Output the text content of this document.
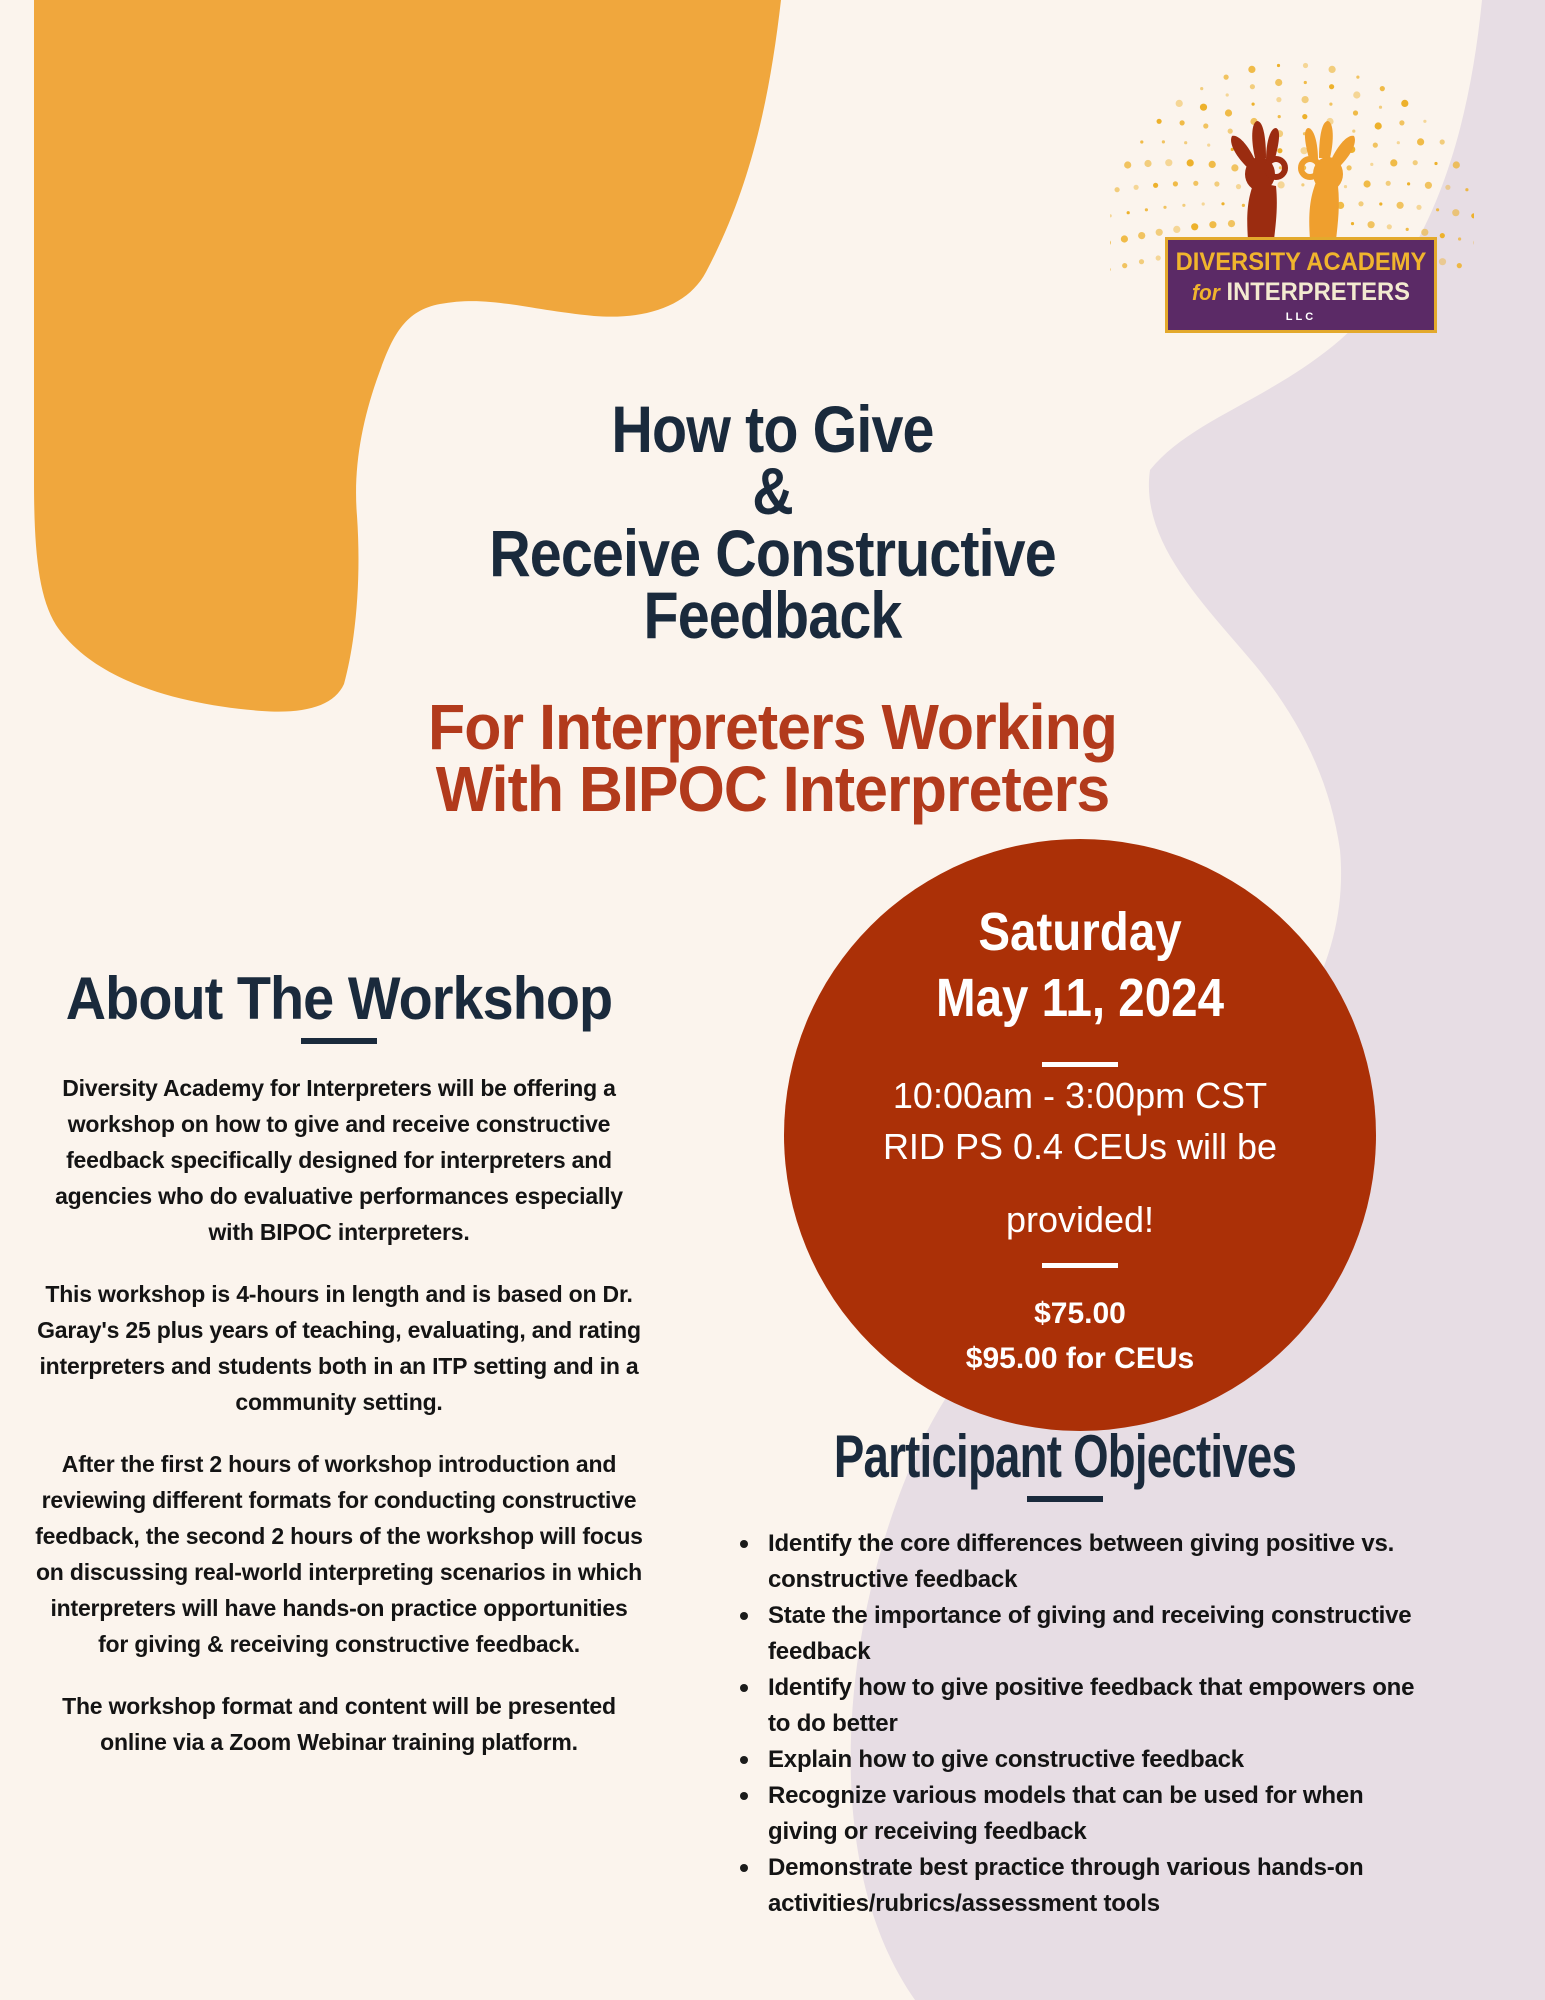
DIVERSITY ACADEMY
for INTERPRETERS
LLC
How to Give
&
Receive Constructive
Feedback
For Interpreters Working
With BIPOC Interpreters
Saturday
May 11, 2024
10:00am - 3:00pm CST
RID PS 0.4 CEUs will be
provided!
$75.00
$95.00 for CEUs
About The Workshop

Diversity Academy for Interpreters will be offering a workshop on how to give and receive constructive feedback specifically designed for interpreters and agencies who do evaluative performances especially with BIPOC interpreters.

This workshop is 4-hours in length and is based on Dr. Garay's 25 plus years of teaching, evaluating, and rating interpreters and students both in an ITP setting and in a community setting.

After the first 2 hours of workshop introduction and reviewing different formats for conducting constructive feedback, the second 2 hours of the workshop will focus on discussing real-world interpreting scenarios in which interpreters will have hands-on practice opportunities for giving & receiving constructive feedback.

The workshop format and content will be presented online via a Zoom Webinar training platform.

Participant Objectives
Identify the core differences between giving positive vs. constructive feedback
State the importance of giving and receiving constructive feedback
Identify how to give positive feedback that empowers one to do better
Explain how to give constructive feedback
Recognize various models that can be used for when giving or receiving feedback
Demonstrate best practice through various hands-on activities/rubrics/assessment tools
